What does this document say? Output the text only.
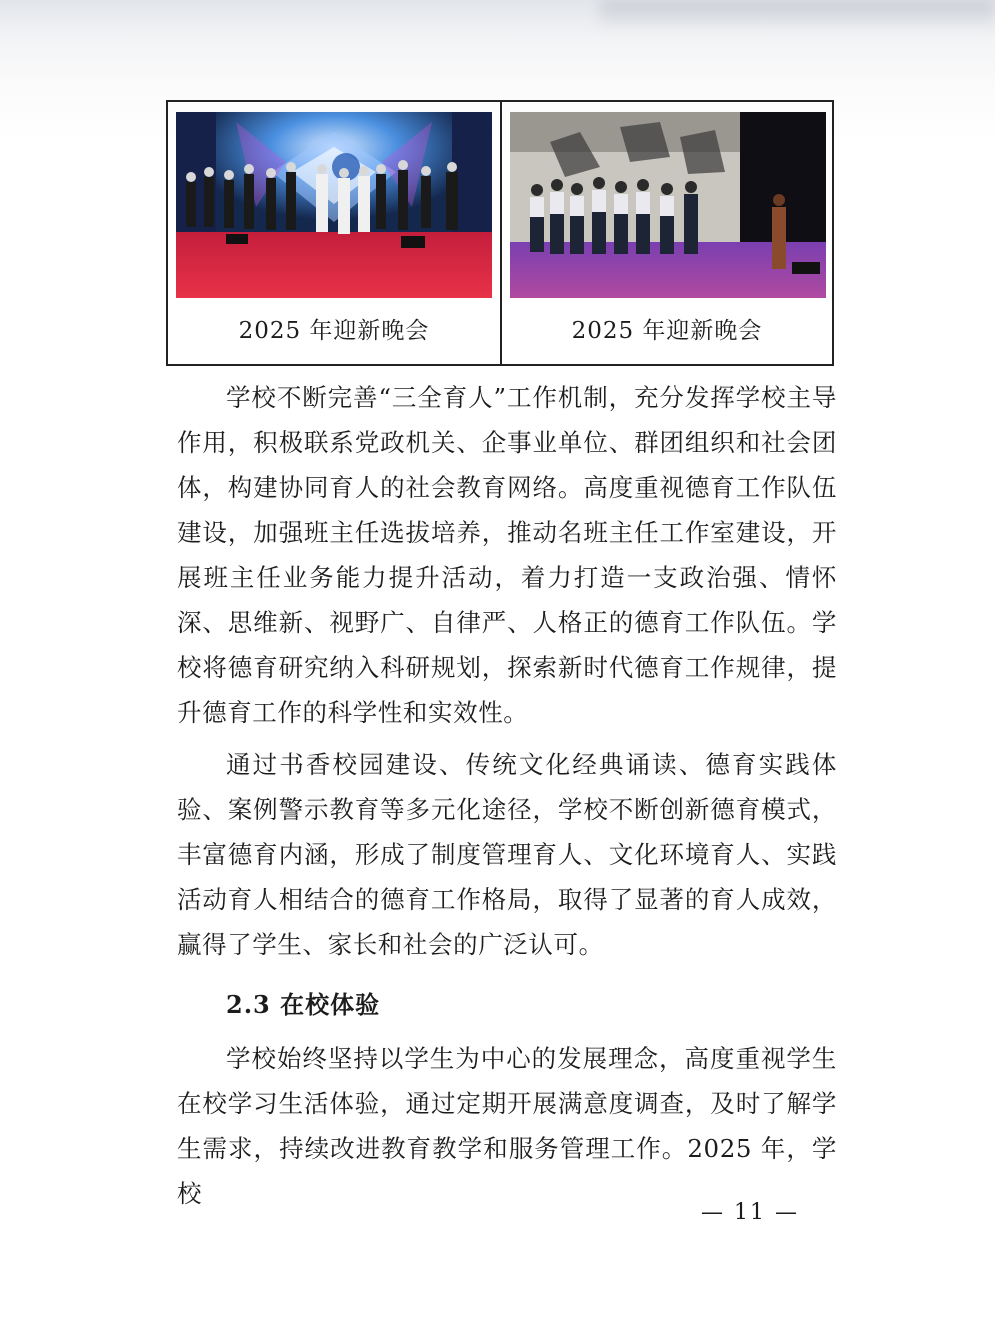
2025 年迎新晚会	2025 年迎新晚会

学校不断完善“三全育人”工作机制，充分发挥学校主导作用，积极联系党政机关、企事业单位、群团组织和社会团体，构建协同育人的社会教育网络。高度重视德育工作队伍建设，加强班主任选拔培养，推动名班主任工作室建设，开展班主任业务能力提升活动，着力打造一支政治强、情怀深、思维新、视野广、自律严、人格正的德育工作队伍。学校将德育研究纳入科研规划，探索新时代德育工作规律，提升德育工作的科学性和实效性。

通过书香校园建设、传统文化经典诵读、德育实践体验、案例警示教育等多元化途径，学校不断创新德育模式，丰富德育内涵，形成了制度管理育人、文化环境育人、实践活动育人相结合的德育工作格局，取得了显著的育人成效，赢得了学生、家长和社会的广泛认可。

2.3 在校体验

学校始终坚持以学生为中心的发展理念，高度重视学生在校学习生活体验，通过定期开展满意度调查，及时了解学生需求，持续改进教育教学和服务管理工作。2025 年，学校

— 11 —
